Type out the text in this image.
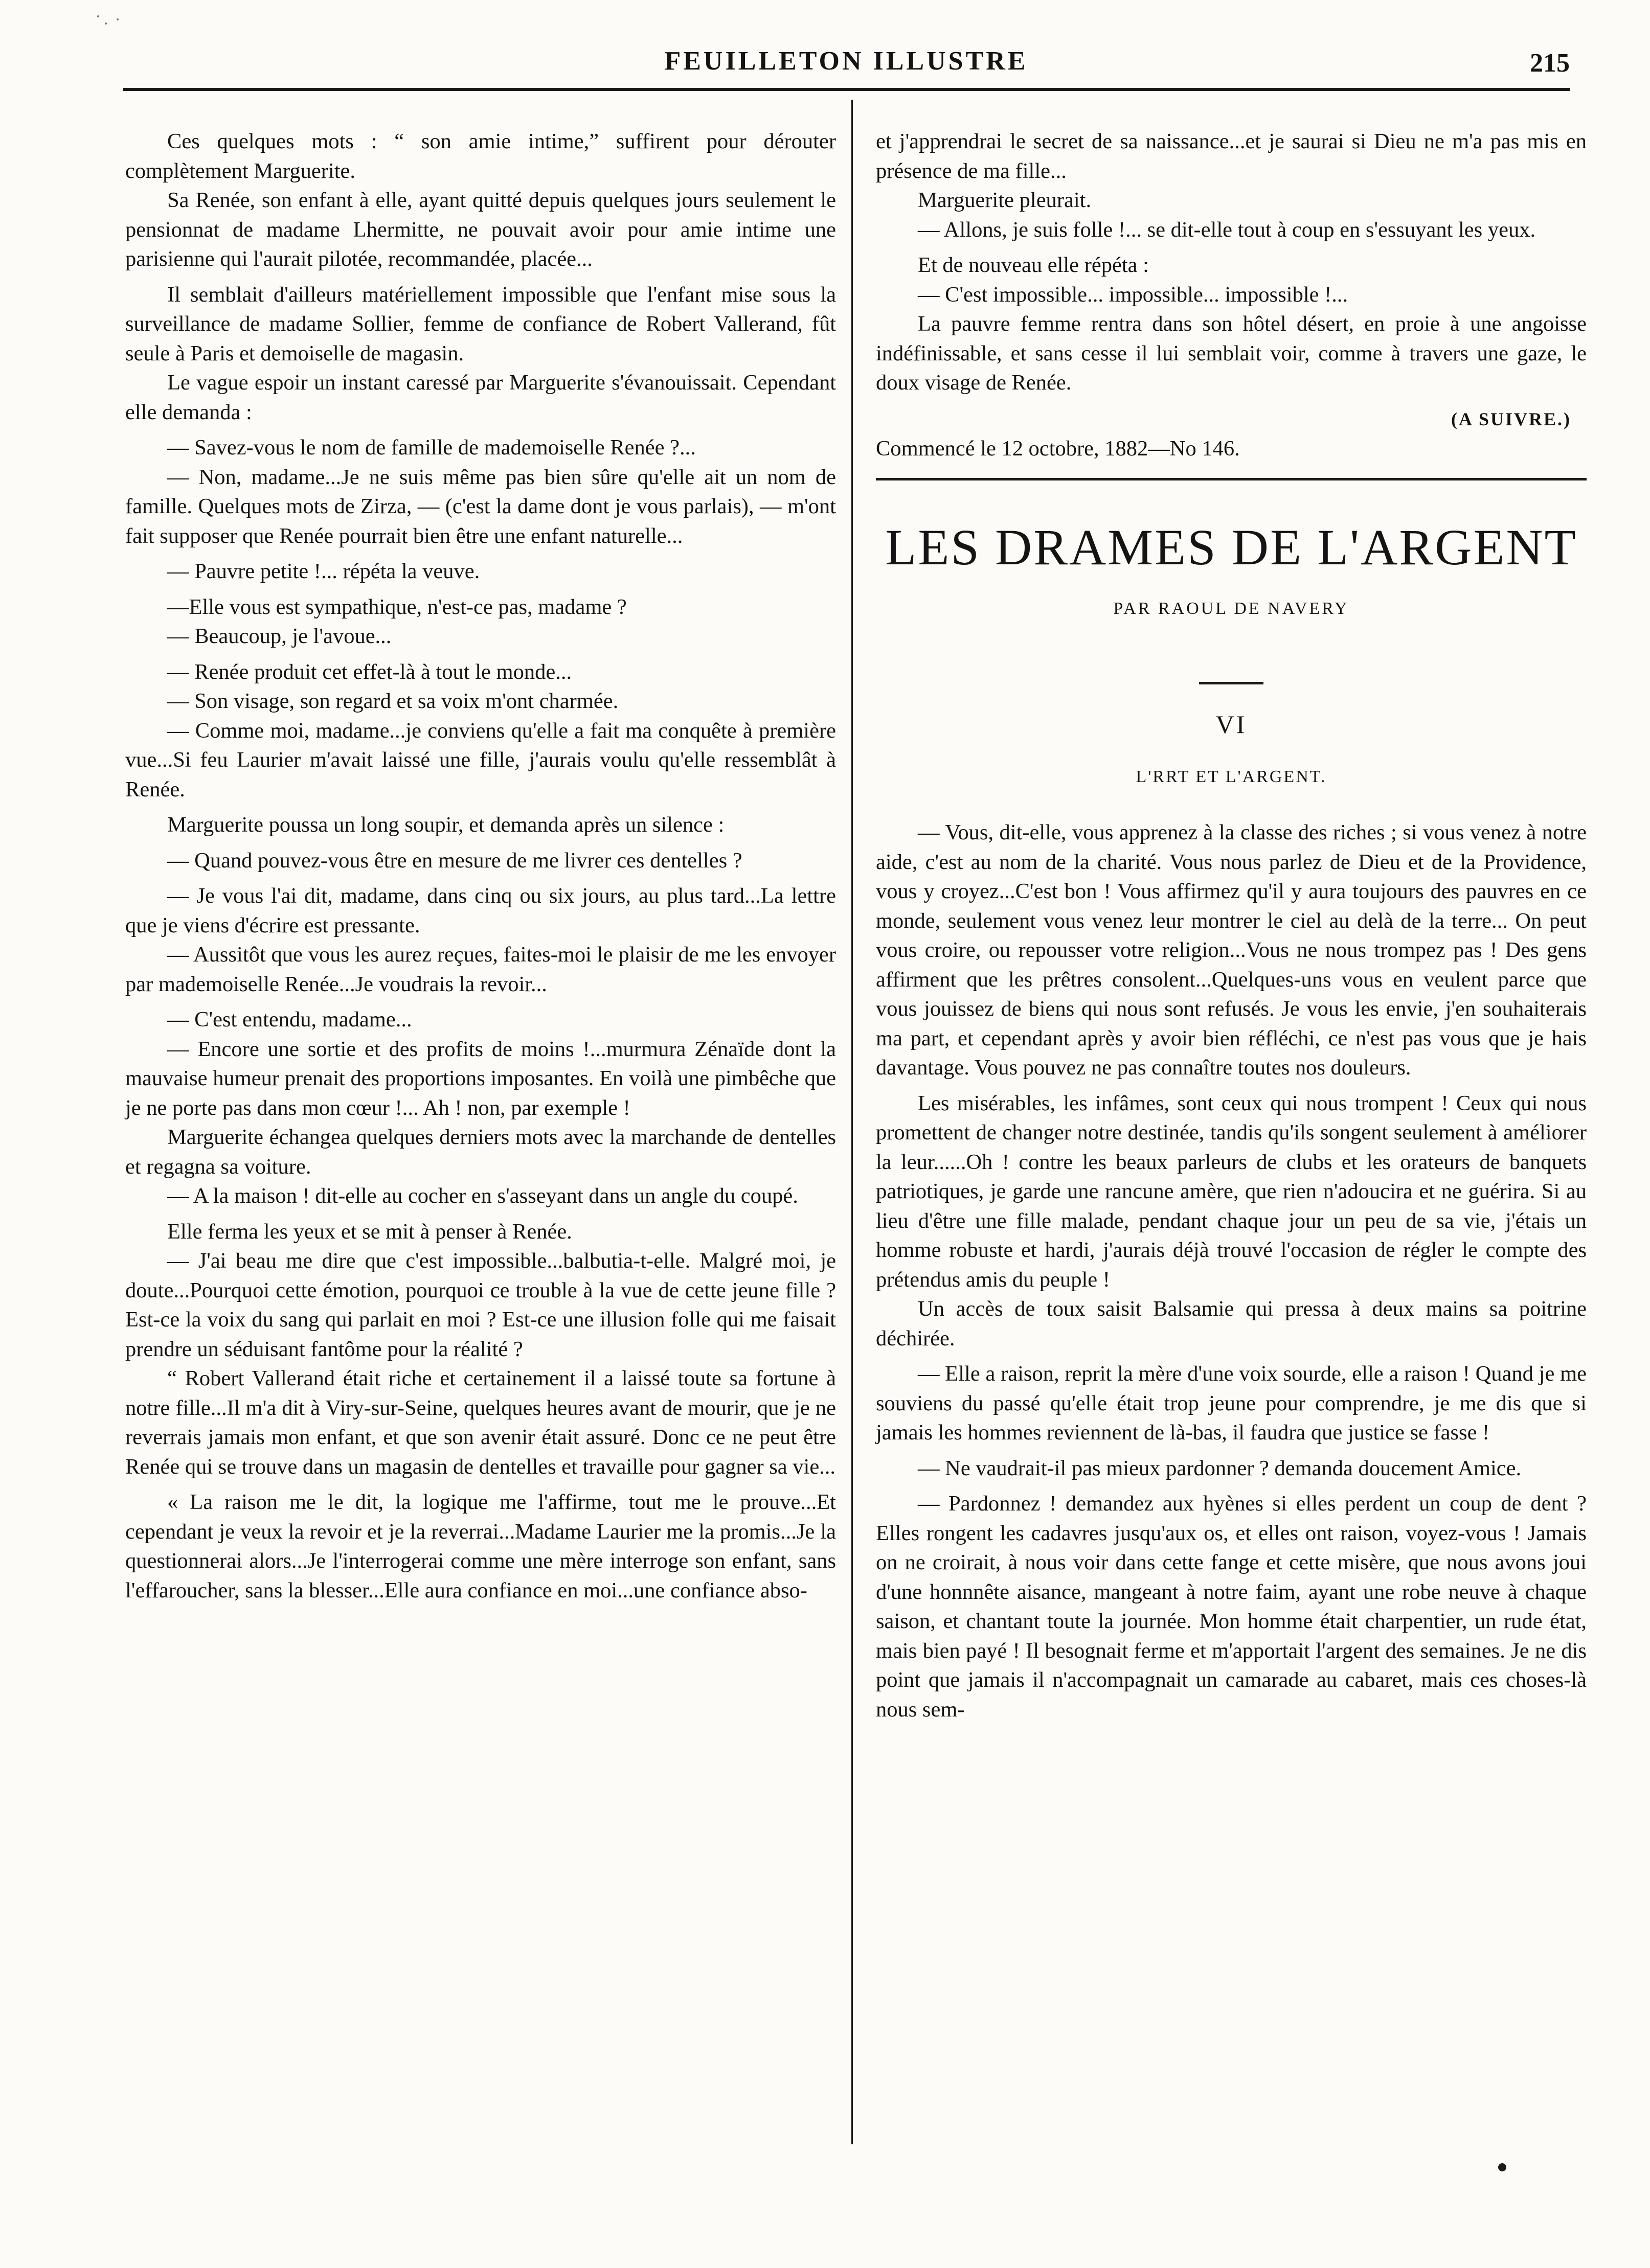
FEUILLETON ILLUSTRE	215

Ces quelques mots : “ son amie intime,” suffirent pour dérouter complètement Marguerite.

Sa Renée, son enfant à elle, ayant quitté depuis quelques jours seulement le pensionnat de madame Lhermitte, ne pouvait avoir pour amie intime une parisienne qui l'aurait pilotée, recommandée, placée...

Il semblait d'ailleurs matériellement impossible que l'enfant mise sous la surveillance de madame Sollier, femme de confiance de Robert Vallerand, fût seule à Paris et demoiselle de magasin.

Le vague espoir un instant caressé par Marguerite s'évanouissait. Cependant elle demanda :

— Savez-vous le nom de famille de mademoiselle Renée ?...

— Non, madame...Je ne suis même pas bien sûre qu'elle ait un nom de famille. Quelques mots de Zirza, — (c'est la dame dont je vous parlais), — m'ont fait supposer que Renée pourrait bien être une enfant naturelle...

— Pauvre petite !... répéta la veuve.

—Elle vous est sympathique, n'est-ce pas, madame ?

— Beaucoup, je l'avoue...

— Renée produit cet effet-là à tout le monde...

— Son visage, son regard et sa voix m'ont charmée.

— Comme moi, madame...je conviens qu'elle a fait ma conquête à première vue...Si feu Laurier m'avait laissé une fille, j'aurais voulu qu'elle ressemblât à Renée.

Marguerite poussa un long soupir, et demanda après un silence :

— Quand pouvez-vous être en mesure de me livrer ces dentelles ?

— Je vous l'ai dit, madame, dans cinq ou six jours, au plus tard...La lettre que je viens d'écrire est pressante.

— Aussitôt que vous les aurez reçues, faites-moi le plaisir de me les envoyer par mademoiselle Renée...Je voudrais la revoir...

— C'est entendu, madame...

— Encore une sortie et des profits de moins !...murmura Zénaïde dont la mauvaise humeur prenait des proportions imposantes. En voilà une pimbêche que je ne porte pas dans mon cœur !... Ah ! non, par exemple !

Marguerite échangea quelques derniers mots avec la marchande de dentelles et regagna sa voiture.

— A la maison ! dit-elle au cocher en s'asseyant dans un angle du coupé.

Elle ferma les yeux et se mit à penser à Renée.

— J'ai beau me dire que c'est impossible...balbutia-t-elle. Malgré moi, je doute...Pourquoi cette émotion, pourquoi ce trouble à la vue de cette jeune fille ? Est-ce la voix du sang qui parlait en moi ? Est-ce une illusion folle qui me faisait prendre un séduisant fantôme pour la réalité ?

“ Robert Vallerand était riche et certainement il a laissé toute sa fortune à notre fille...Il m'a dit à Viry-sur-Seine, quelques heures avant de mourir, que je ne reverrais jamais mon enfant, et que son avenir était assuré. Donc ce ne peut être Renée qui se trouve dans un magasin de dentelles et travaille pour gagner sa vie...

« La raison me le dit, la logique me l'affirme, tout me le prouve...Et cependant je veux la revoir et je la reverrai...Madame Laurier me la promis...Je la questionnerai alors...Je l'interrogerai comme une mère interroge son enfant, sans l'effaroucher, sans la blesser...Elle aura confiance en moi...une confiance abso-

et j'apprendrai le secret de sa naissance...et je saurai si Dieu ne m'a pas mis en présence de ma fille...

Marguerite pleurait.

— Allons, je suis folle !... se dit-elle tout à coup en s'essuyant les yeux.

Et de nouveau elle répéta :

— C'est impossible... impossible... impossible !...

La pauvre femme rentra dans son hôtel désert, en proie à une angoisse indéfinissable, et sans cesse il lui semblait voir, comme à travers une gaze, le doux visage de Renée.

(A SUIVRE.)

Commencé le 12 octobre, 1882—No 146.

LES DRAMES DE L'ARGENT
PAR RAOUL DE NAVERY
VI
L'RRT ET L'ARGENT.

— Vous, dit-elle, vous apprenez à la classe des riches ; si vous venez à notre aide, c'est au nom de la charité. Vous nous parlez de Dieu et de la Providence, vous y croyez...C'est bon ! Vous affirmez qu'il y aura toujours des pauvres en ce monde, seulement vous venez leur montrer le ciel au delà de la terre... On peut vous croire, ou repousser votre religion...Vous ne nous trompez pas ! Des gens affirment que les prêtres consolent...Quelques-uns vous en veulent parce que vous jouissez de biens qui nous sont refusés. Je vous les envie, j'en souhaiterais ma part, et cependant après y avoir bien réfléchi, ce n'est pas vous que je hais davantage. Vous pouvez ne pas connaître toutes nos douleurs.

Les misérables, les infâmes, sont ceux qui nous trompent ! Ceux qui nous promettent de changer notre destinée, tandis qu'ils songent seulement à améliorer la leur......Oh ! contre les beaux parleurs de clubs et les orateurs de banquets patriotiques, je garde une rancune amère, que rien n'adoucira et ne guérira. Si au lieu d'être une fille malade, pendant chaque jour un peu de sa vie, j'étais un homme robuste et hardi, j'aurais déjà trouvé l'occasion de régler le compte des prétendus amis du peuple !

Un accès de toux saisit Balsamie qui pressa à deux mains sa poitrine déchirée.

— Elle a raison, reprit la mère d'une voix sourde, elle a raison ! Quand je me souviens du passé qu'elle était trop jeune pour comprendre, je me dis que si jamais les hommes reviennent de là-bas, il faudra que justice se fasse !

— Ne vaudrait-il pas mieux pardonner ? demanda doucement Amice.

— Pardonnez ! demandez aux hyènes si elles perdent un coup de dent ? Elles rongent les cadavres jusqu'aux os, et elles ont raison, voyez-vous ! Jamais on ne croirait, à nous voir dans cette fange et cette misère, que nous avons joui d'une honnnête aisance, mangeant à notre faim, ayant une robe neuve à chaque saison, et chantant toute la journée. Mon homme était charpentier, un rude état, mais bien payé ! Il besognait ferme et m'apportait l'argent des semaines. Je ne dis point que jamais il n'accompagnait un camarade au cabaret, mais ces choses-là nous sem-
